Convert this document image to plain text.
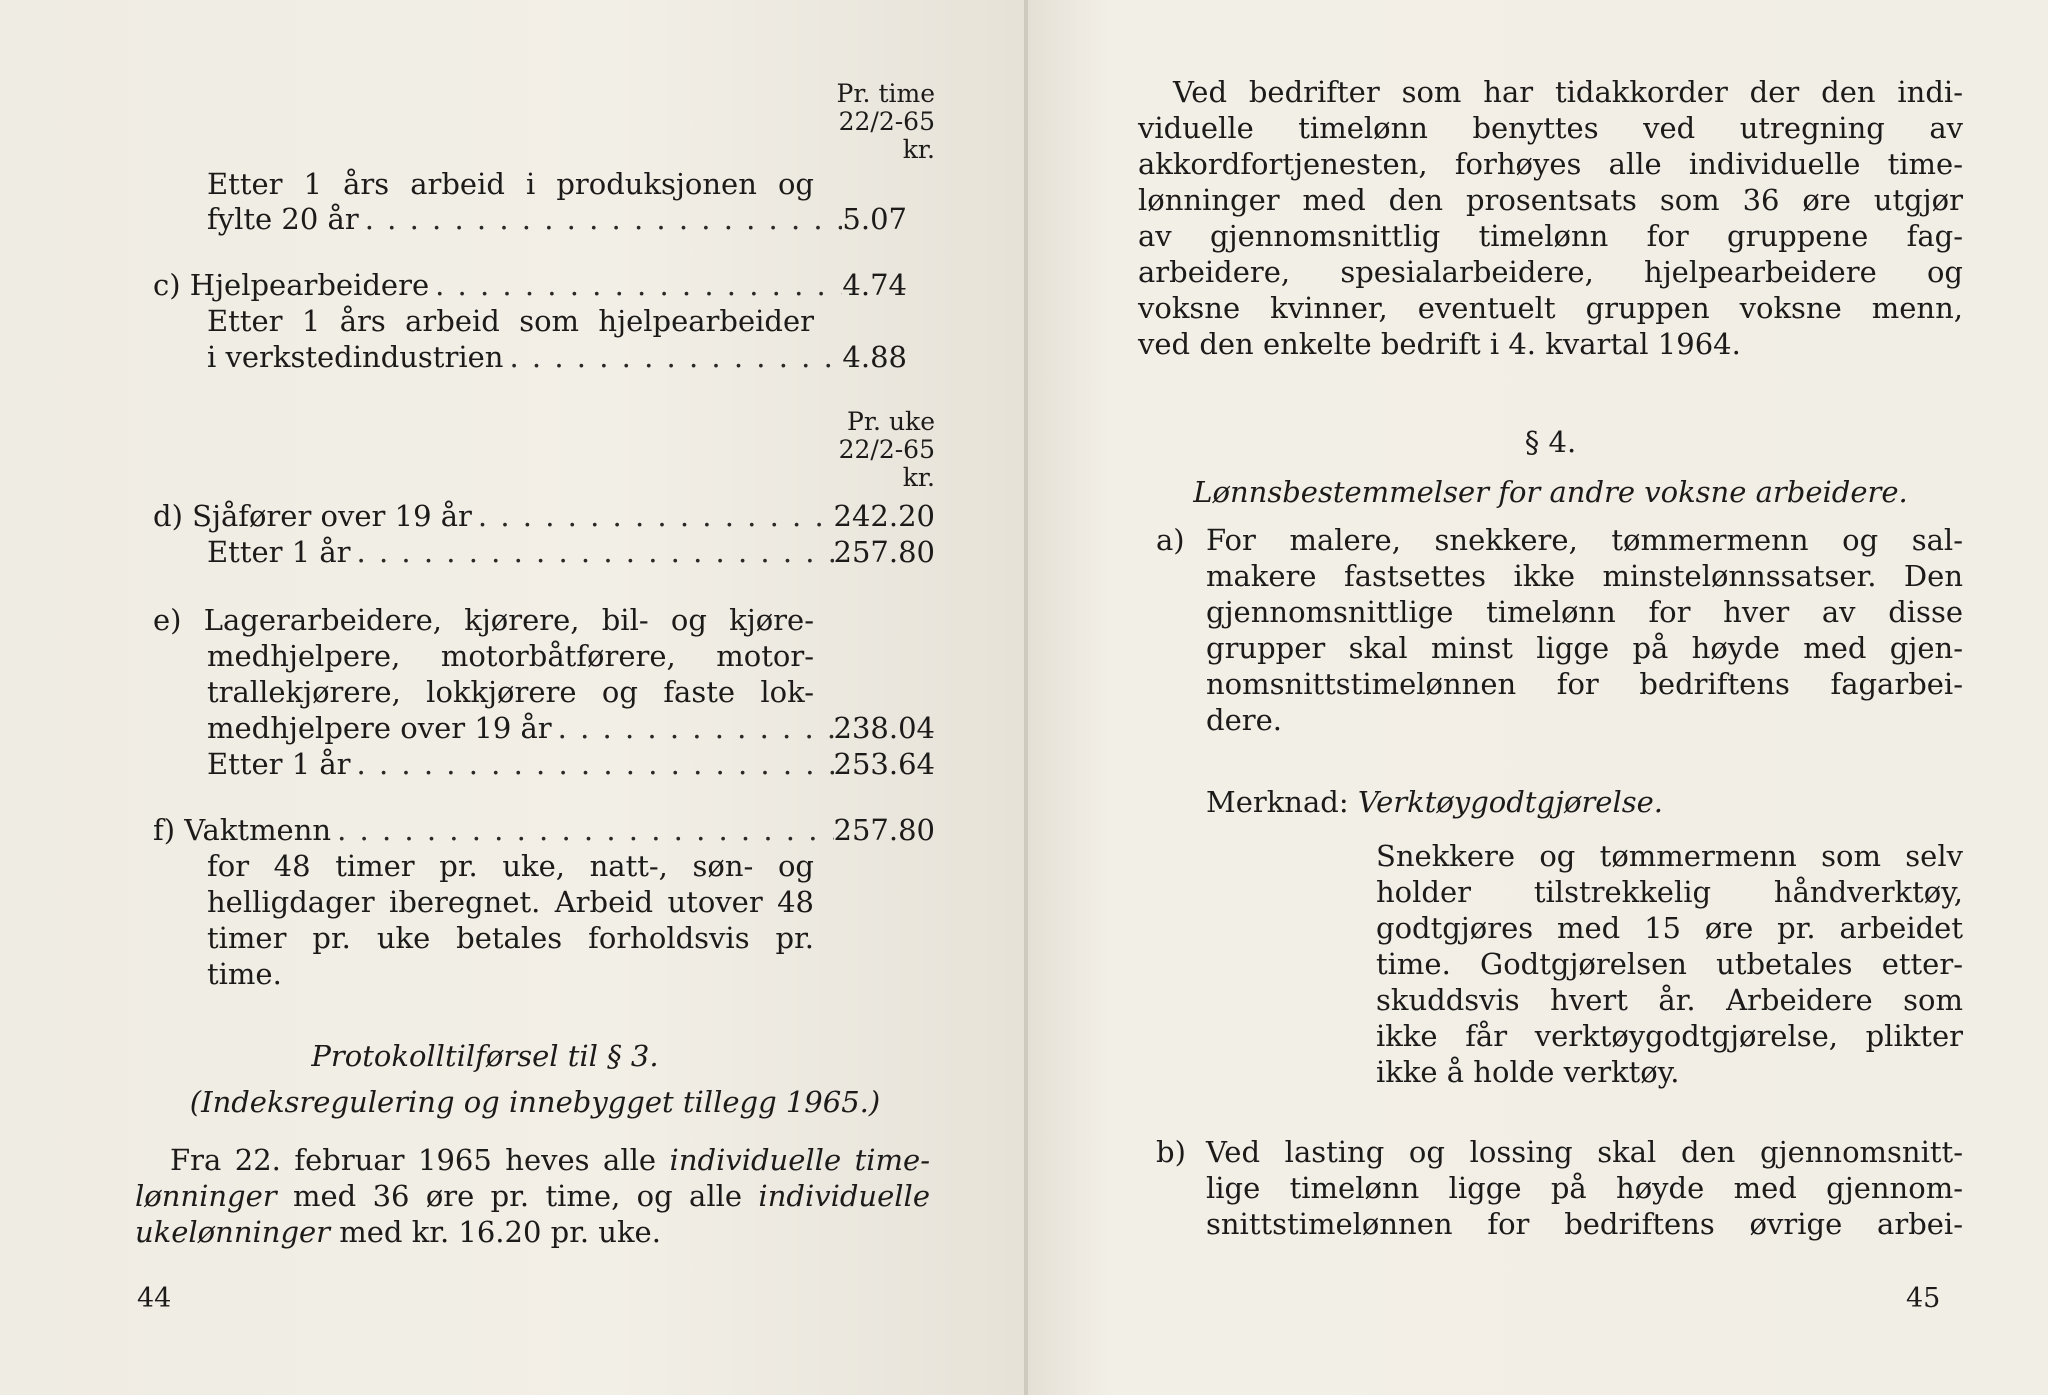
Pr. time
22/2-65
kr.
Etter 1 års arbeid i produksjonen og
fylte 20 år . . .	5.07
c) Hjelpearbeidere . . .	4.74
Etter 1 års arbeid som hjelpearbeider
i verkstedindustrien . . .	4.88
Pr. uke
22/2-65
kr.
d) Sjåfører over 19 år . . .	242.20
Etter 1 år . . .	257.80
e) Lagerarbeidere, kjørere, bil- og kjøre-
medhjelpere, motorbåtførere, motor-
trallekjørere, lokkjørere og faste lok-
medhjelpere over 19 år . . .	238.04
Etter 1 år . . .	253.64
f) Vaktmenn . . .	257.80
for 48 timer pr. uke, natt-, søn- og
helligdager iberegnet. Arbeid utover 48
timer pr. uke betales forholdsvis pr.
time.
Protokolltilførsel til § 3.
(Indeksregulering og innebygget tillegg 1965.)
Fra 22. februar 1965 heves alle individuelle time-
lønninger med 36 øre pr. time, og alle individuelle
ukelønninger med kr. 16.20 pr. uke.
44
Ved bedrifter som har tidakkorder der den indi-
viduelle timelønn benyttes ved utregning av
akkordfortjenesten, forhøyes alle individuelle time-
lønninger med den prosentsats som 36 øre utgjør
av gjennomsnittlig timelønn for gruppene fag-
arbeidere, spesialarbeidere, hjelpearbeidere og
voksne kvinner, eventuelt gruppen voksne menn,
ved den enkelte bedrift i 4. kvartal 1964.
§ 4.
Lønnsbestemmelser for andre voksne arbeidere.
a) For malere, snekkere, tømmermenn og sal-
makere fastsettes ikke minstelønnssatser. Den
gjennomsnittlige timelønn for hver av disse
grupper skal minst ligge på høyde med gjen-
nomsnittstimelønnen for bedriftens fagarbei-
dere.
Merknad: Verktøygodtgjørelse.
Snekkere og tømmermenn som selv
holder tilstrekkelig håndverktøy,
godtgjøres med 15 øre pr. arbeidet
time. Godtgjørelsen utbetales etter-
skuddsvis hvert år. Arbeidere som
ikke får verktøygodtgjørelse, plikter
ikke å holde verktøy.
b) Ved lasting og lossing skal den gjennomsnitt-
lige timelønn ligge på høyde med gjennom-
snittstimelønnen for bedriftens øvrige arbei-
45
